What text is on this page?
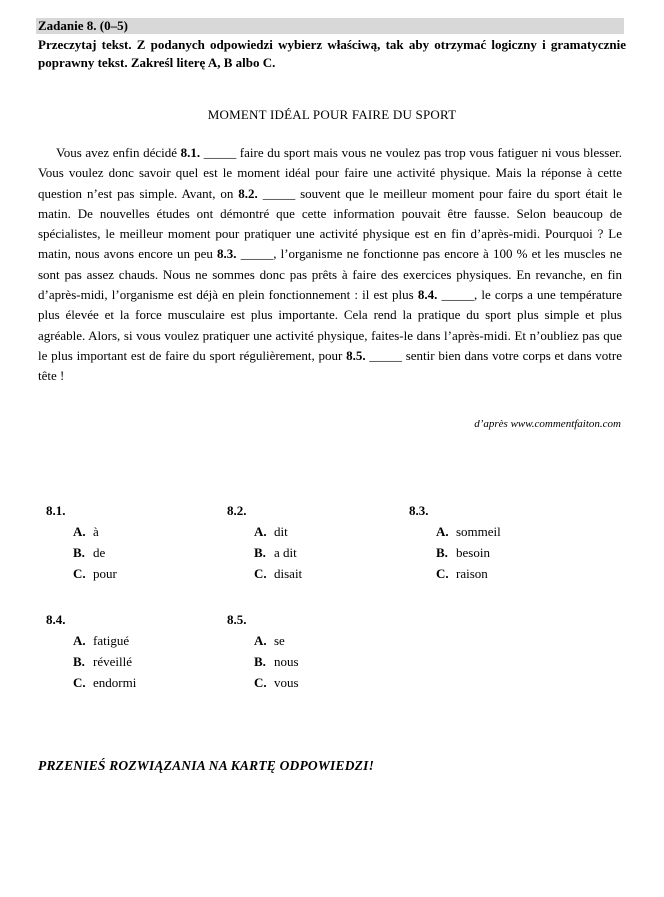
Zadanie 8. (0–5)
Przeczytaj tekst. Z podanych odpowiedzi wybierz właściwą, tak aby otrzymać logiczny i gramatycznie poprawny tekst. Zakreśl literę A, B albo C.
MOMENT IDÉAL POUR FAIRE DU SPORT

Vous avez enfin décidé 8.1. _____ faire du sport mais vous ne voulez pas trop vous fatiguer ni vous blesser. Vous voulez donc savoir quel est le moment idéal pour faire une activité physique. Mais la réponse à cette question n’est pas simple. Avant, on 8.2. _____ souvent que le meilleur moment pour faire du sport était le matin. De nouvelles études ont démontré que cette information pouvait être fausse. Selon beaucoup de spécialistes, le meilleur moment pour pratiquer une activité physique est en fin d’après-midi. Pourquoi ? Le matin, nous avons encore un peu 8.3. _____, l’organisme ne fonctionne pas encore à 100 % et les muscles ne sont pas assez chauds. Nous ne sommes donc pas prêts à faire des exercices physiques. En revanche, en fin d’après-midi, l’organisme est déjà en plein fonctionnement : il est plus 8.4. _____, le corps a une température plus élevée et la force musculaire est plus importante. Cela rend la pratique du sport plus simple et plus agréable. Alors, si vous voulez pratiquer une activité physique, faites-le dans l’après-midi. Et n’oubliez pas que le plus important est de faire du sport régulièrement, pour 8.5. _____ sentir bien dans votre corps et dans votre tête !

d’après www.commentfaiton.com
8.1.
A. à
B. de
C. pour
8.2.
A. dit
B. a dit
C. disait
8.3.
A. sommeil
B. besoin
C. raison
8.4.
A. fatigué
B. réveillé
C. endormi
8.5.
A. se
B. nous
C. vous
PRZENIEŚ ROZWIĄZANIA NA KARTĘ ODPOWIEDZI!
